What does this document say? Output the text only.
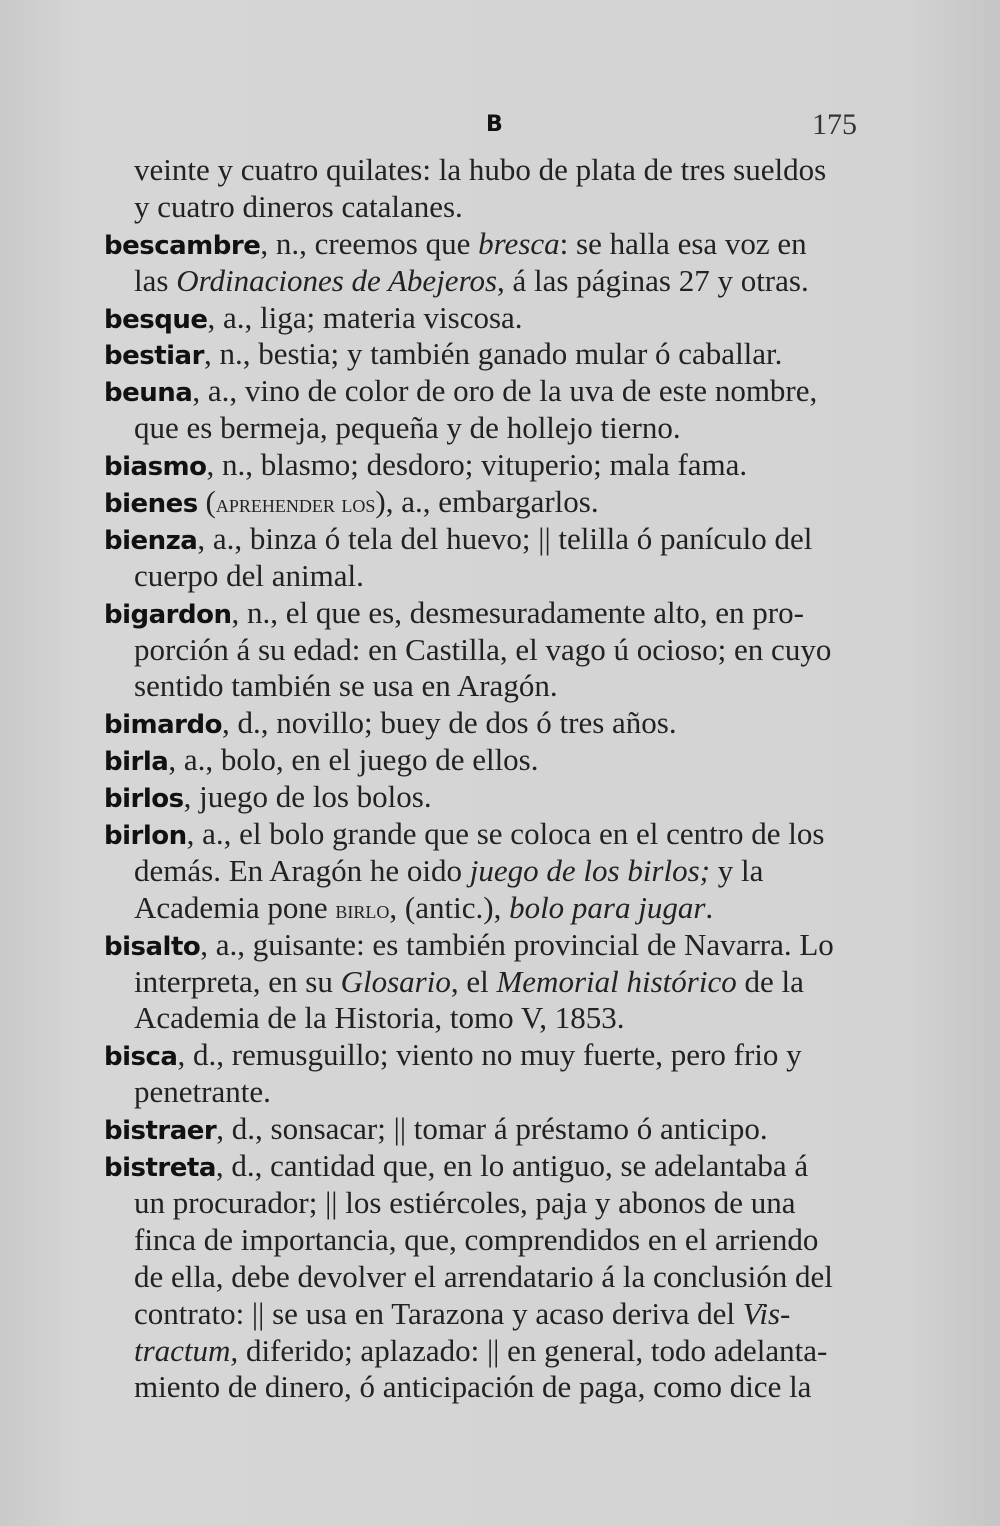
B	175
veinte y cuatro quilates: la hubo de plata de tres sueldos
y cuatro dineros catalanes.
bescambre, n., creemos que bresca: se halla esa voz en
las Ordinaciones de Abejeros, á las páginas 27 y otras.
besque, a., liga; materia viscosa.
bestiar, n., bestia; y también ganado mular ó caballar.
beuna, a., vino de color de oro de la uva de este nombre,
que es bermeja, pequeña y de hollejo tierno.
biasmo, n., blasmo; desdoro; vituperio; mala fama.
bienes (aprehender los), a., embargarlos.
bienza, a., binza ó tela del huevo; || telilla ó panículo del
cuerpo del animal.
bigardon, n., el que es, desmesuradamente alto, en pro-
porción á su edad: en Castilla, el vago ú ocioso; en cuyo
sentido también se usa en Aragón.
bimardo, d., novillo; buey de dos ó tres años.
birla, a., bolo, en el juego de ellos.
birlos, juego de los bolos.
birlon, a., el bolo grande que se coloca en el centro de los
demás. En Aragón he oido juego de los birlos; y la
Academia pone birlo, (antic.), bolo para jugar.
bisalto, a., guisante: es también provincial de Navarra. Lo
interpreta, en su Glosario, el Memorial histórico de la
Academia de la Historia, tomo V, 1853.
bisca, d., remusguillo; viento no muy fuerte, pero frio y
penetrante.
bistraer, d., sonsacar; || tomar á préstamo ó anticipo.
bistreta, d., cantidad que, en lo antiguo, se adelantaba á
un procurador; || los estiércoles, paja y abonos de una
finca de importancia, que, comprendidos en el arriendo
de ella, debe devolver el arrendatario á la conclusión del
contrato: || se usa en Tarazona y acaso deriva del Vis-
tractum, diferido; aplazado: || en general, todo adelanta-
miento de dinero, ó anticipación de paga, como dice la
